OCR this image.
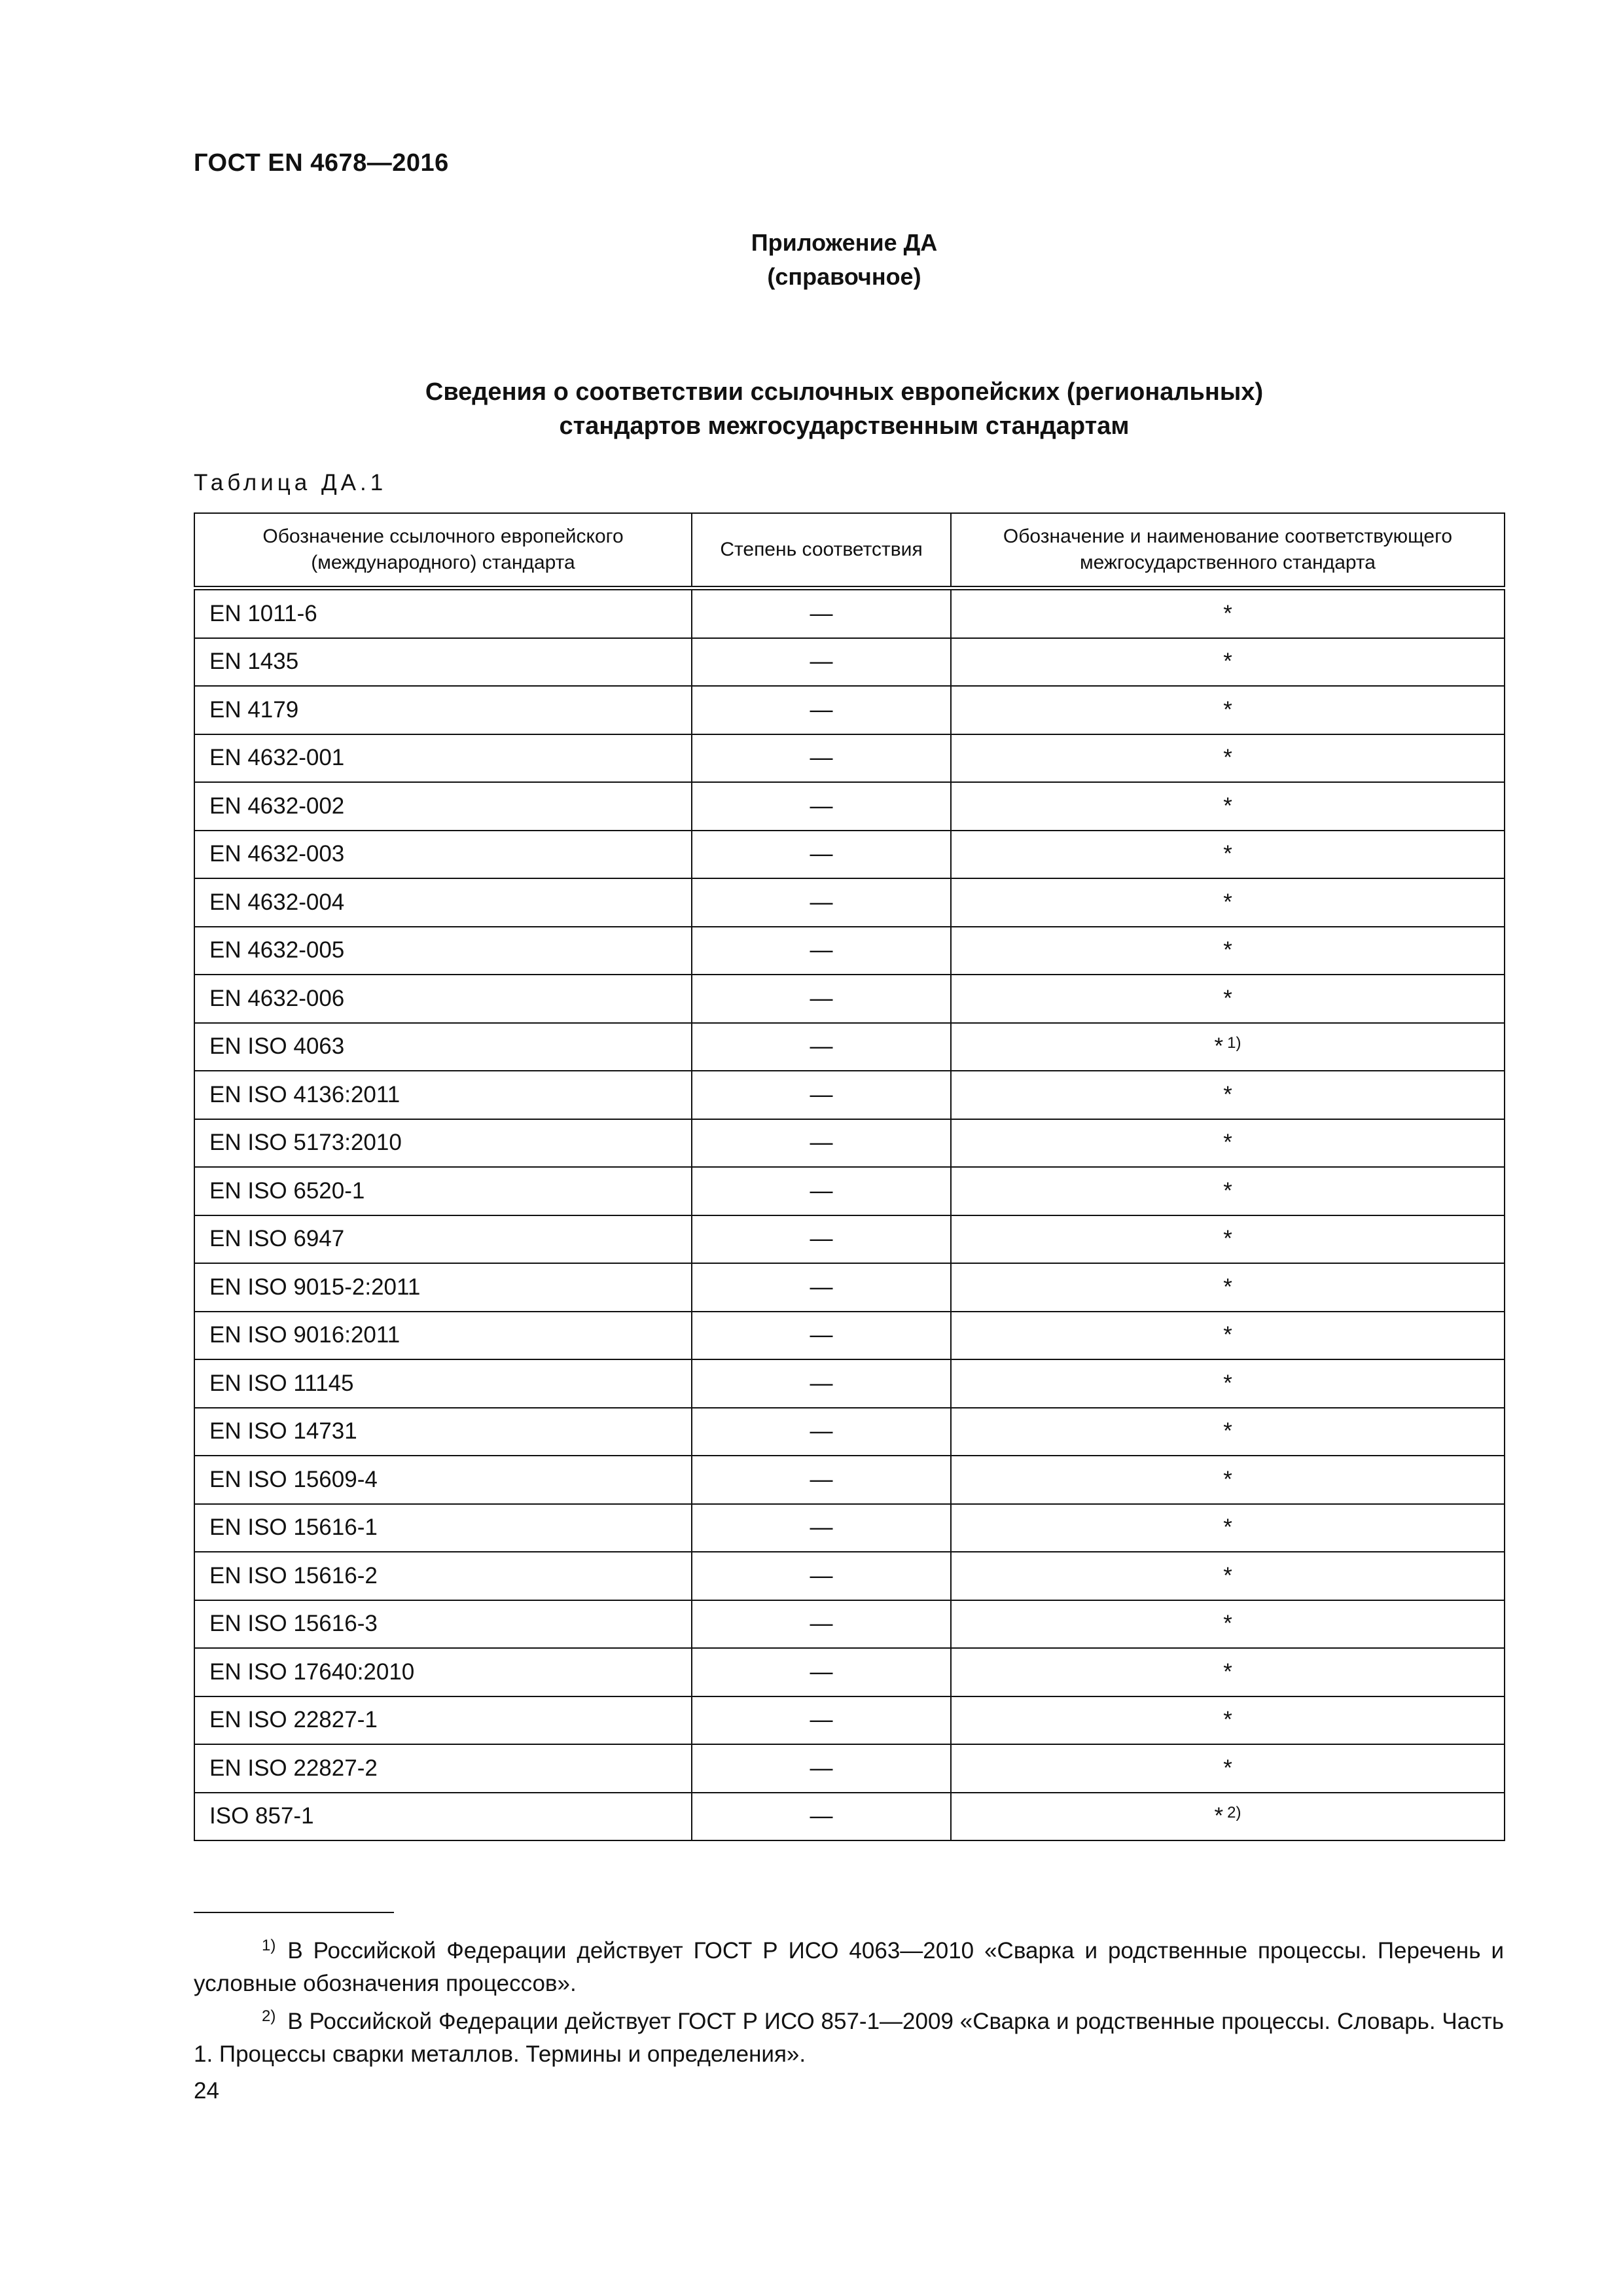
ГОСТ EN 4678—2016
Приложение ДА
(справочное)
Сведения о соответствии ссылочных европейских (региональных)
стандартов межгосударственным стандартам
Таблица ДА.1
Обозначение ссылочного европейского (международного) стандарта	Степень соответствия	Обозначение и наименование соответствующего межгосударственного стандарта
EN 1011-6	—	*
EN 1435	—	*
EN 4179	—	*
EN 4632-001	—	*
EN 4632-002	—	*
EN 4632-003	—	*
EN 4632-004	—	*
EN 4632-005	—	*
EN 4632-006	—	*
EN ISO 4063	—	* $^{1)}$
EN ISO 4136:2011	—	*
EN ISO 5173:2010	—	*
EN ISO 6520-1	—	*
EN ISO 6947	—	*
EN ISO 9015-2:2011	—	*
EN ISO 9016:2011	—	*
EN ISO 11145	—	*
EN ISO 14731	—	*
EN ISO 15609-4	—	*
EN ISO 15616-1	—	*
EN ISO 15616-2	—	*
EN ISO 15616-3	—	*
EN ISO 17640:2010	—	*
EN ISO 22827-1	—	*
EN ISO 22827-2	—	*
ISO 857-1	—	* $^{2)}$

$^{1)}$ В Российской Федерации действует ГОСТ Р ИСО 4063—2010 «Сварка и родственные процессы. Перечень и условные обозначения процессов».

$^{2)}$ В Российской Федерации действует ГОСТ Р ИСО 857-1—2009 «Сварка и родственные процессы. Словарь. Часть 1. Процессы сварки металлов. Термины и определения».

24
